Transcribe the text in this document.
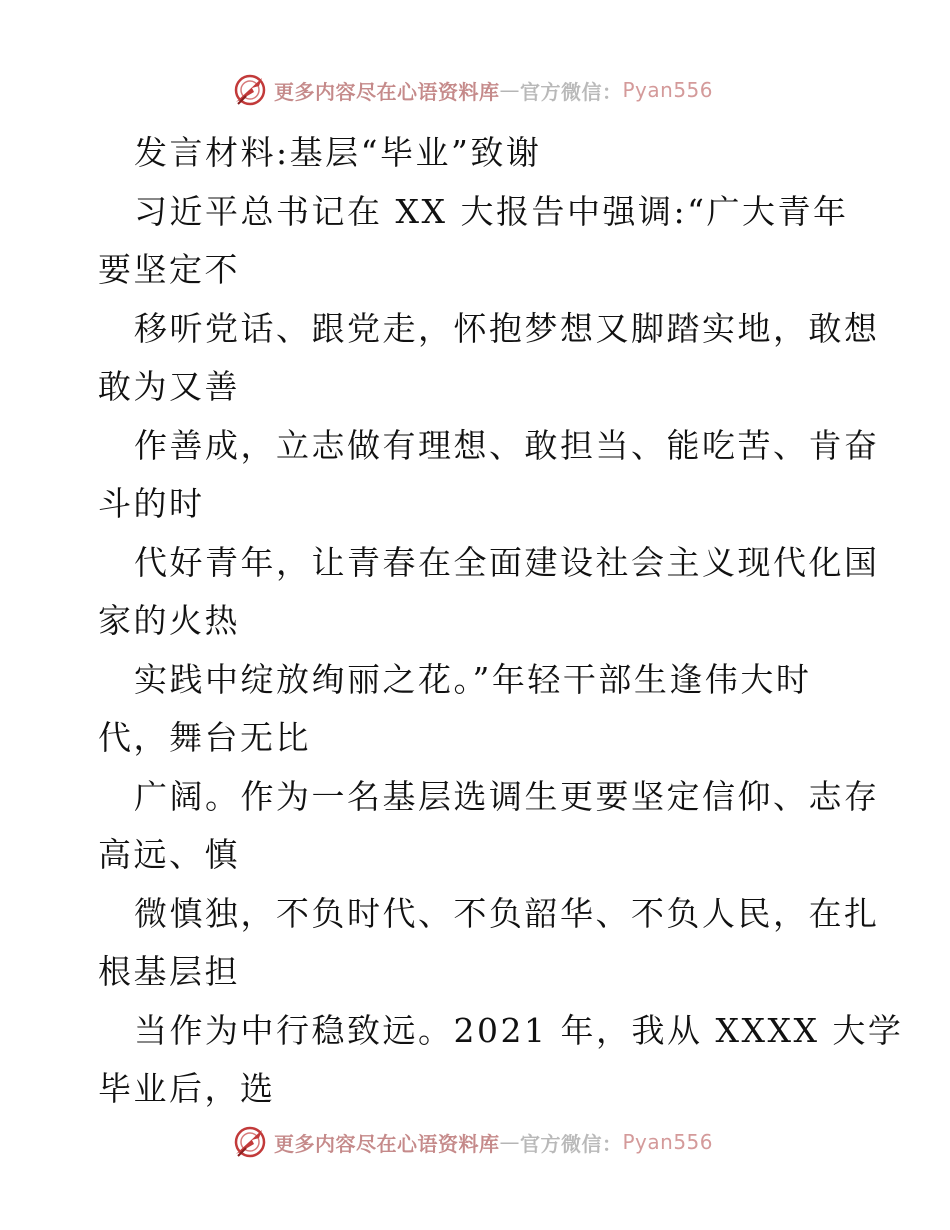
更多内容尽在心语资料库 — 官方微信： Pyan556
发言材料:基层“毕业”致谢
习近平总书记在 XX 大报告中强调:“广大青年
要坚定不
移听党话、跟党走，怀抱梦想又脚踏实地，敢想
敢为又善
作善成，立志做有理想、敢担当、能吃苦、肯奋
斗的时
代好青年，让青春在全面建设社会主义现代化国
家的火热
实践中绽放绚丽之花。”年轻干部生逢伟大时
代，舞台无比
广阔。作为一名基层选调生更要坚定信仰、志存
高远、慎
微慎独，不负时代、不负韶华、不负人民，在扎
根基层担
当作为中行稳致远。2021 年，我从 XXXX 大学
毕业后，选
更多内容尽在心语资料库 — 官方微信： Pyan556
